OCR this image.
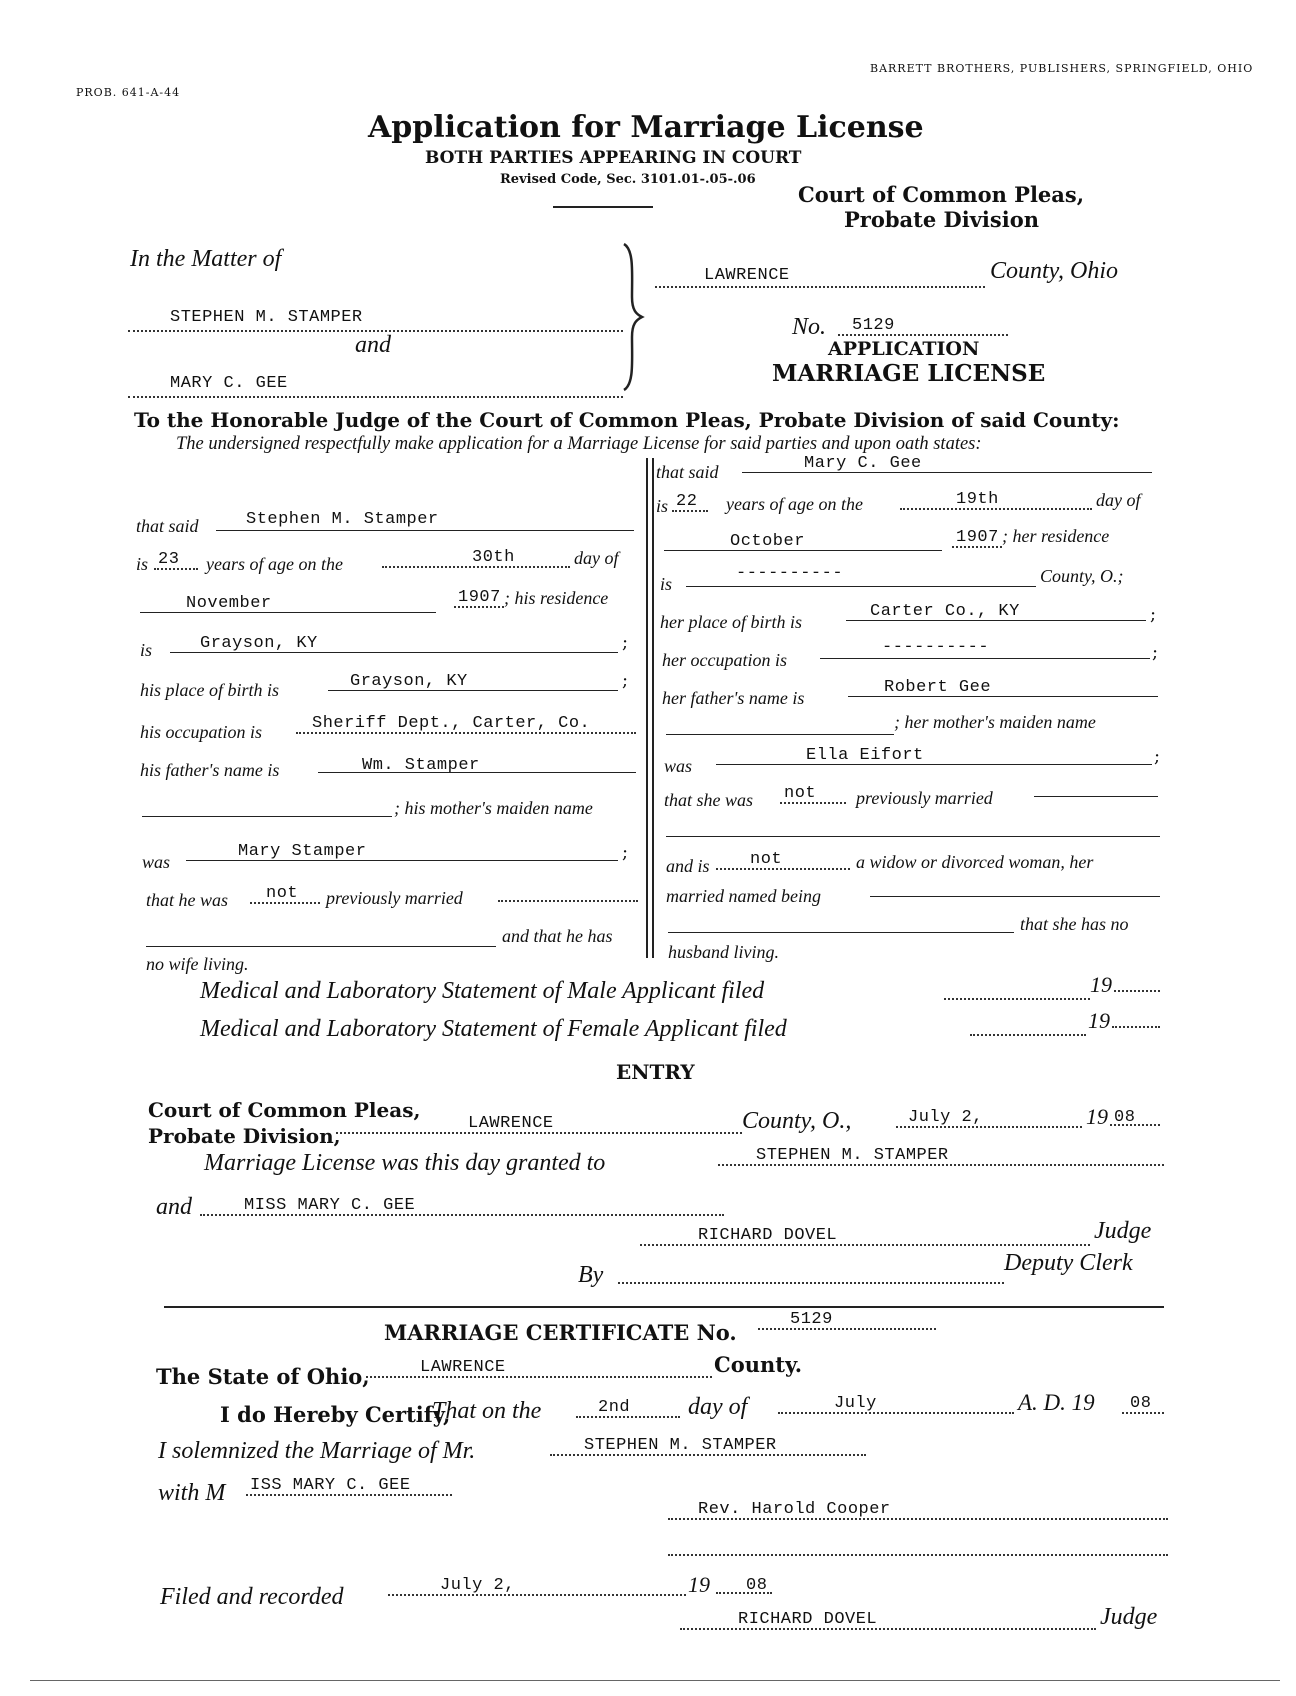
PROB. 641-A-44
BARRETT BROTHERS, PUBLISHERS, SPRINGFIELD, OHIO
Application for Marriage License
BOTH PARTIES APPEARING IN COURT
Revised Code, Sec. 3101.01-.05-.06
Court of Common Pleas,
Probate Division
In the Matter of
STEPHEN M. STAMPER
and
MARY C. GEE
LAWRENCE	County, Ohio
No. 5129
APPLICATION
MARRIAGE LICENSE
To the Honorable Judge of the Court of Common Pleas, Probate Division of said County:
The undersigned respectfully make application for a Marriage License for said parties and upon oath states:
that said	Stephen M. Stamper
is 23 years of age on the	30th	day of
November	1907 ; his residence
is	Grayson, KY	;
his place of birth is	Grayson, KY	;
his occupation is	Sheriff Dept., Carter, Co.
his father's name is	Wm. Stamper
; his mother's maiden name
was
Mary Stamper	;
that he was not previously married
and that he has
no wife living.
that said	Mary C. Gee
is 22 years of age on the	19th	day of
October	1907 ; her residence
is
----------	County, O.;
her place of birth is
Carter Co., KY	;
her occupation is
----------	;
her father's name is
Robert Gee
; her mother's maiden name
was
Ella Eifort	;
that she was not previously married
and is not	a widow or divorced woman, her
married named being
that she has no
husband living.
Medical and Laboratory Statement of Male Applicant filed	19
Medical and Laboratory Statement of Female Applicant filed	19
ENTRY
Court of Common Pleas,
Probate Division,
LAWRENCE	County, O.,	July 2,	19 08
Marriage License was this day granted to	STEPHEN M. STAMPER
and	MISS MARY C. GEE
RICHARD DOVEL	Judge
By	Deputy Clerk
MARRIAGE CERTIFICATE No.
5129
The State of Ohio,	LAWRENCE	County.
I do Hereby Certify,
That on the	2nd day of	July	A. D. 19 08
I solemnized the Marriage of Mr.	STEPHEN M. STAMPER
with M ISS MARY C. GEE
Rev. Harold Cooper
Filed and recorded	July 2,	19 08
RICHARD DOVEL	Judge
